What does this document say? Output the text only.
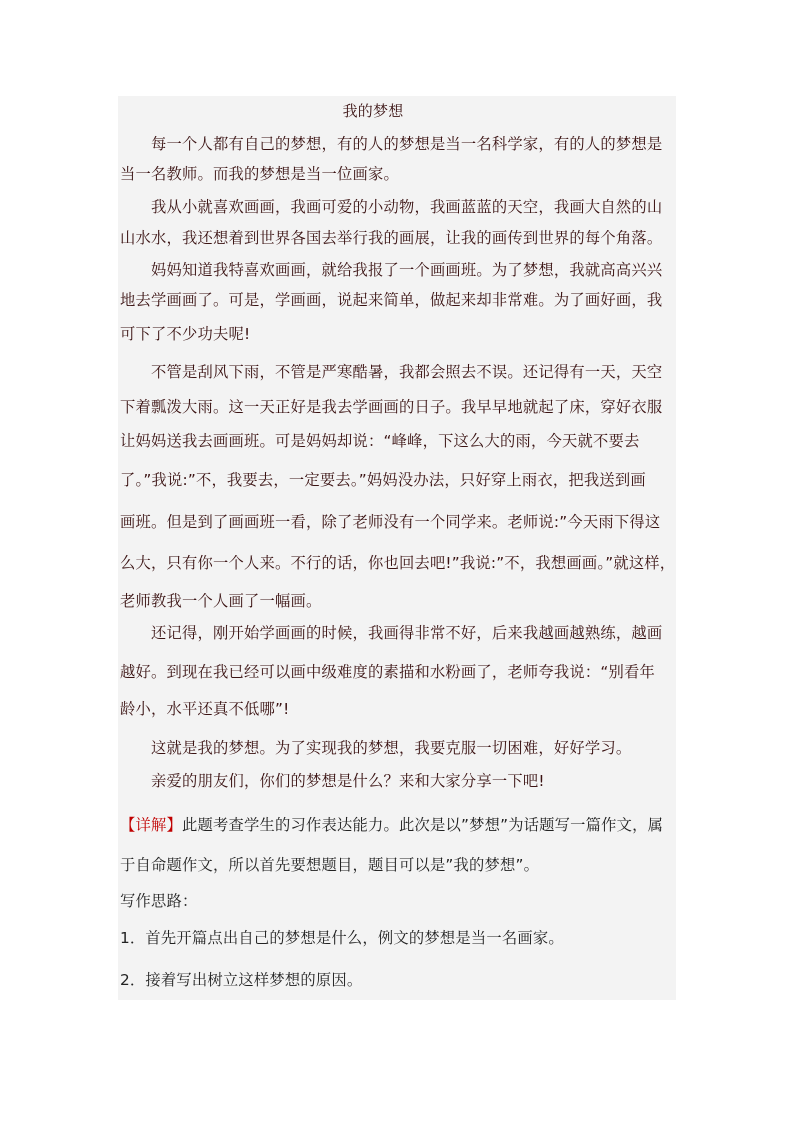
我的梦想
　　每一个人都有自己的梦想，有的人的梦想是当一名科学家，有的人的梦想是
当一名教师。而我的梦想是当一位画家。
　　我从小就喜欢画画，我画可爱的小动物，我画蓝蓝的天空，我画大自然的山
山水水，我还想着到世界各国去举行我的画展，让我的画传到世界的每个角落。
　　妈妈知道我特喜欢画画，就给我报了一个画画班。为了梦想，我就高高兴兴
地去学画画了。可是，学画画，说起来简单，做起来却非常难。为了画好画，我
可下了不少功夫呢!
　　不管是刮风下雨，不管是严寒酷暑，我都会照去不误。还记得有一天，天空
下着瓢泼大雨。这一天正好是我去学画画的日子。我早早地就起了床，穿好衣服
让妈妈送我去画画班。可是妈妈却说：“峰峰，下这么大的雨，今天就不要去
了。”我说:”不，我要去，一定要去。”妈妈没办法，只好穿上雨衣，把我送到画
画班。但是到了画画班一看，除了老师没有一个同学来。老师说:”今天雨下得这
么大，只有你一个人来。不行的话，你也回去吧!”我说:”不，我想画画。”就这样，
老师教我一个人画了一幅画。
　　还记得，刚开始学画画的时候，我画得非常不好，后来我越画越熟练，越画
越好。到现在我已经可以画中级难度的素描和水粉画了，老师夸我说：“别看年
龄小，水平还真不低哪”!
　　这就是我的梦想。为了实现我的梦想，我要克服一切困难，好好学习。
　　亲爱的朋友们，你们的梦想是什么？来和大家分享一下吧!
【详解】此题考查学生的习作表达能力。此次是以”梦想”为话题写一篇作文，属
于自命题作文，所以首先要想题目，题目可以是”我的梦想”。
写作思路：
1．首先开篇点出自己的梦想是什么，例文的梦想是当一名画家。
2．接着写出树立这样梦想的原因。
